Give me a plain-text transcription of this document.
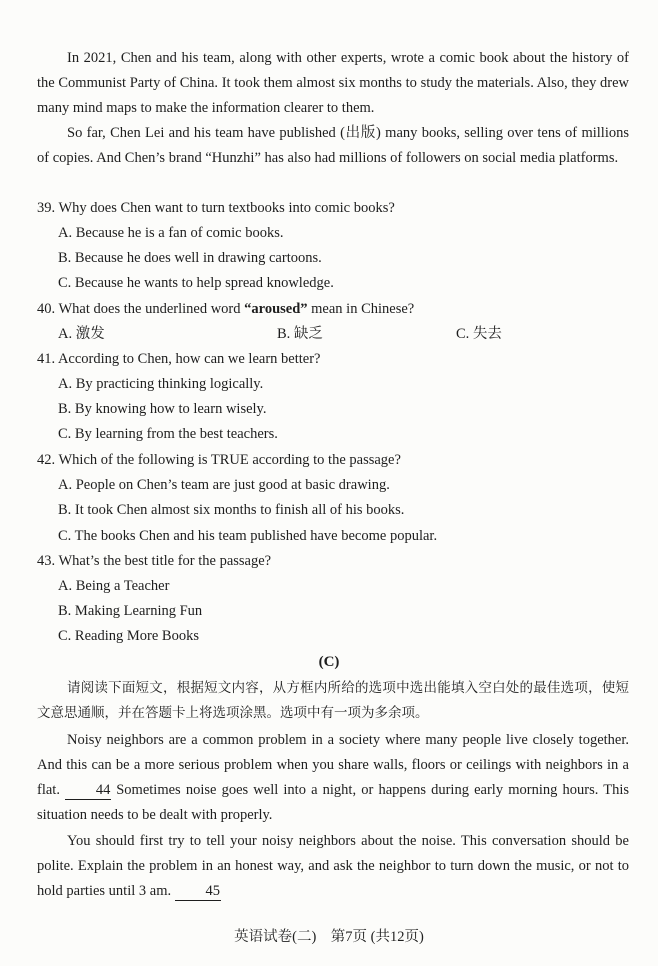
In 2021, Chen and his team, along with other experts, wrote a comic book about the history of the Communist Party of China. It took them almost six months to study the materials. Also, they drew many mind maps to make the information clearer to them.

So far, Chen Lei and his team have published (出版) many books, selling over tens of millions of copies. And Chen’s brand “Hunzhi” has also had millions of followers on social media platforms.

39. Why does Chen want to turn textbooks into comic books?
A. Because he is a fan of comic books.
B. Because he does well in drawing cartoons.
C. Because he wants to help spread knowledge.
40. What does the underlined word “aroused” mean in Chinese?
A. 激发	B. 缺乏	C. 失去
41. According to Chen, how can we learn better?
A. By practicing thinking logically.
B. By knowing how to learn wisely.
C. By learning from the best teachers.
42. Which of the following is TRUE according to the passage?
A. People on Chen’s team are just good at basic drawing.
B. It took Chen almost six months to finish all of his books.
C. The books Chen and his team published have become popular.
43. What’s the best title for the passage?
A. Being a Teacher
B. Making Learning Fun
C. Reading More Books
(C)

请阅读下面短文，根据短文内容，从方框内所给的选项中选出能填入空白处的最佳选项，使短文意思通顺，并在答题卡上将选项涂黑。选项中有一项为多余项。

Noisy neighbors are a common problem in a society where many people live closely together. And this can be a more serious problem when you share walls, floors or ceilings with neighbors in a flat. 44 Sometimes noise goes well into a night, or happens during early morning hours. This situation needs to be dealt with properly.

You should first try to tell your noisy neighbors about the noise. This conversation should be polite. Explain the problem in an honest way, and ask the neighbor to turn down the music, or not to hold parties until 3 am. 45

英语试卷(二)　第7页 (共12页)
